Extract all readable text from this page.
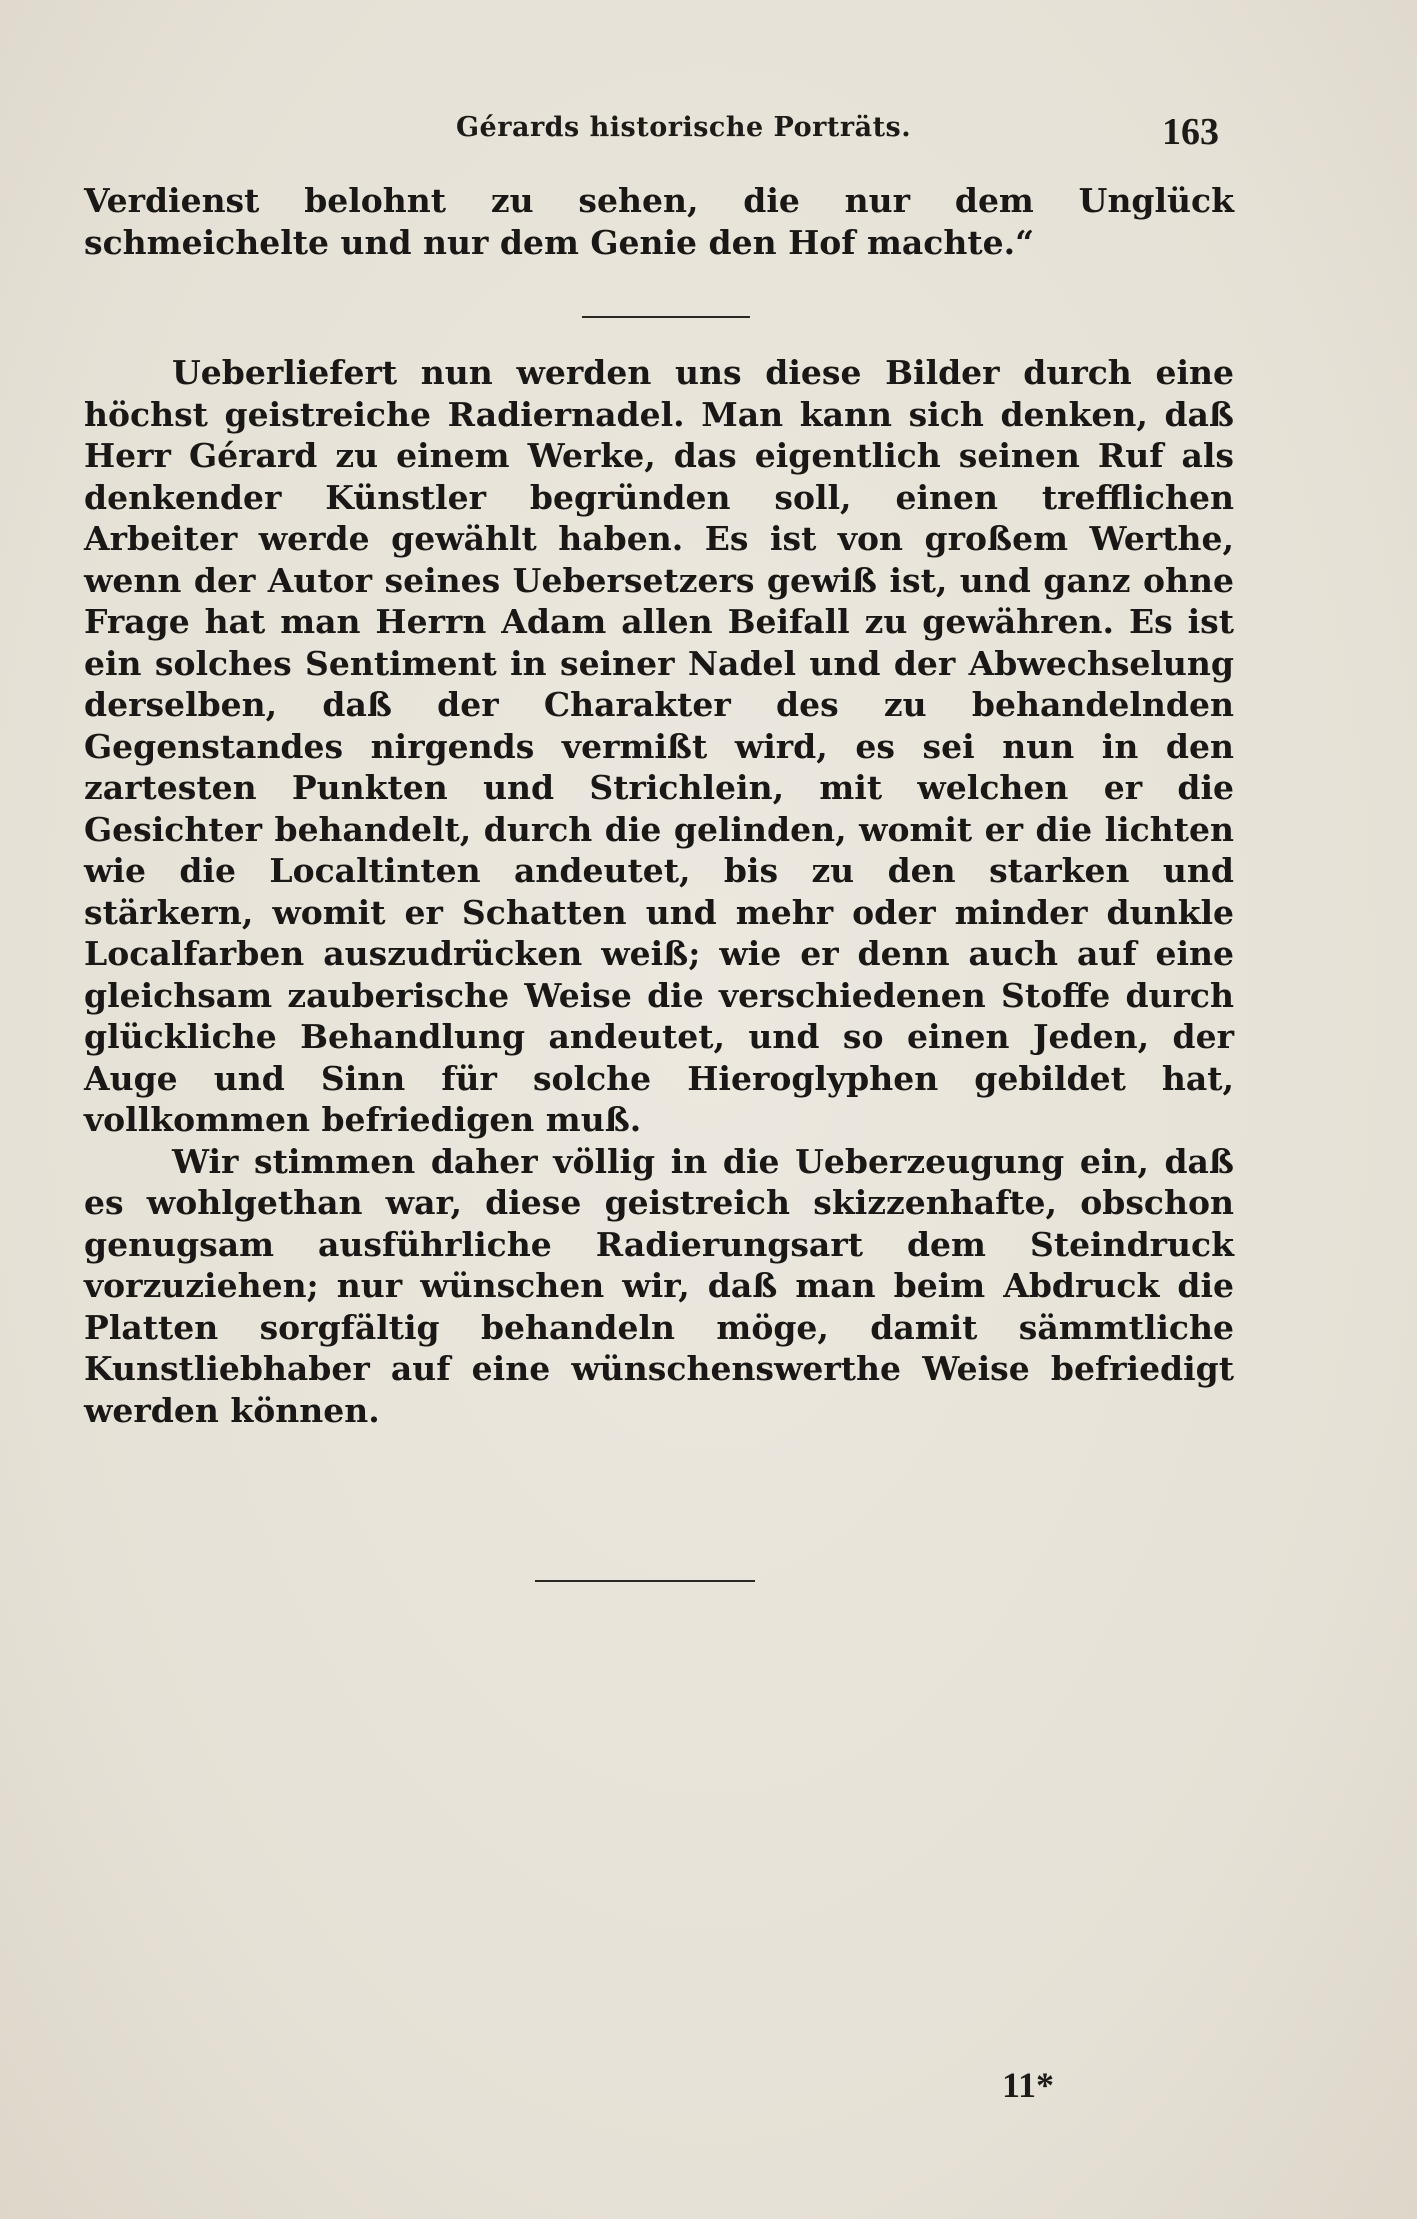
Gérards historische Porträts.	163

Verdienst belohnt zu sehen, die nur dem Unglück schmeichelte und nur dem Genie den Hof machte.“

Ueberliefert nun werden uns diese Bilder durch eine höchst geistreiche Radiernadel. Man kann sich denken, daß Herr Gérard zu einem Werke, das eigentlich seinen Ruf als denkender Künstler begründen soll, einen trefflichen Arbeiter werde gewählt haben. Es ist von großem Werthe, wenn der Autor seines Uebersetzers gewiß ist, und ganz ohne Frage hat man Herrn Adam allen Beifall zu gewähren. Es ist ein solches Sentiment in seiner Nadel und der Abwechselung derselben, daß der Charakter des zu behandelnden Gegenstandes nirgends vermißt wird, es sei nun in den zartesten Punkten und Strichlein, mit welchen er die Gesichter behandelt, durch die gelinden, womit er die lichten wie die Localtinten andeutet, bis zu den starken und stärkern, womit er Schatten und mehr oder minder dunkle Localfarben auszudrücken weiß; wie er denn auch auf eine gleichsam zauberische Weise die verschiedenen Stoffe durch glückliche Behandlung andeutet, und so einen Jeden, der Auge und Sinn für solche Hieroglyphen gebildet hat, vollkommen befriedigen muß.

Wir stimmen daher völlig in die Ueberzeugung ein, daß es wohlgethan war, diese geistreich skizzenhafte, obschon genugsam ausführliche Radierungsart dem Steindruck vorzuziehen; nur wünschen wir, daß man beim Abdruck die Platten sorgfältig behandeln möge, damit sämmtliche Kunstliebhaber auf eine wünschenswerthe Weise befriedigt werden können.

11*
